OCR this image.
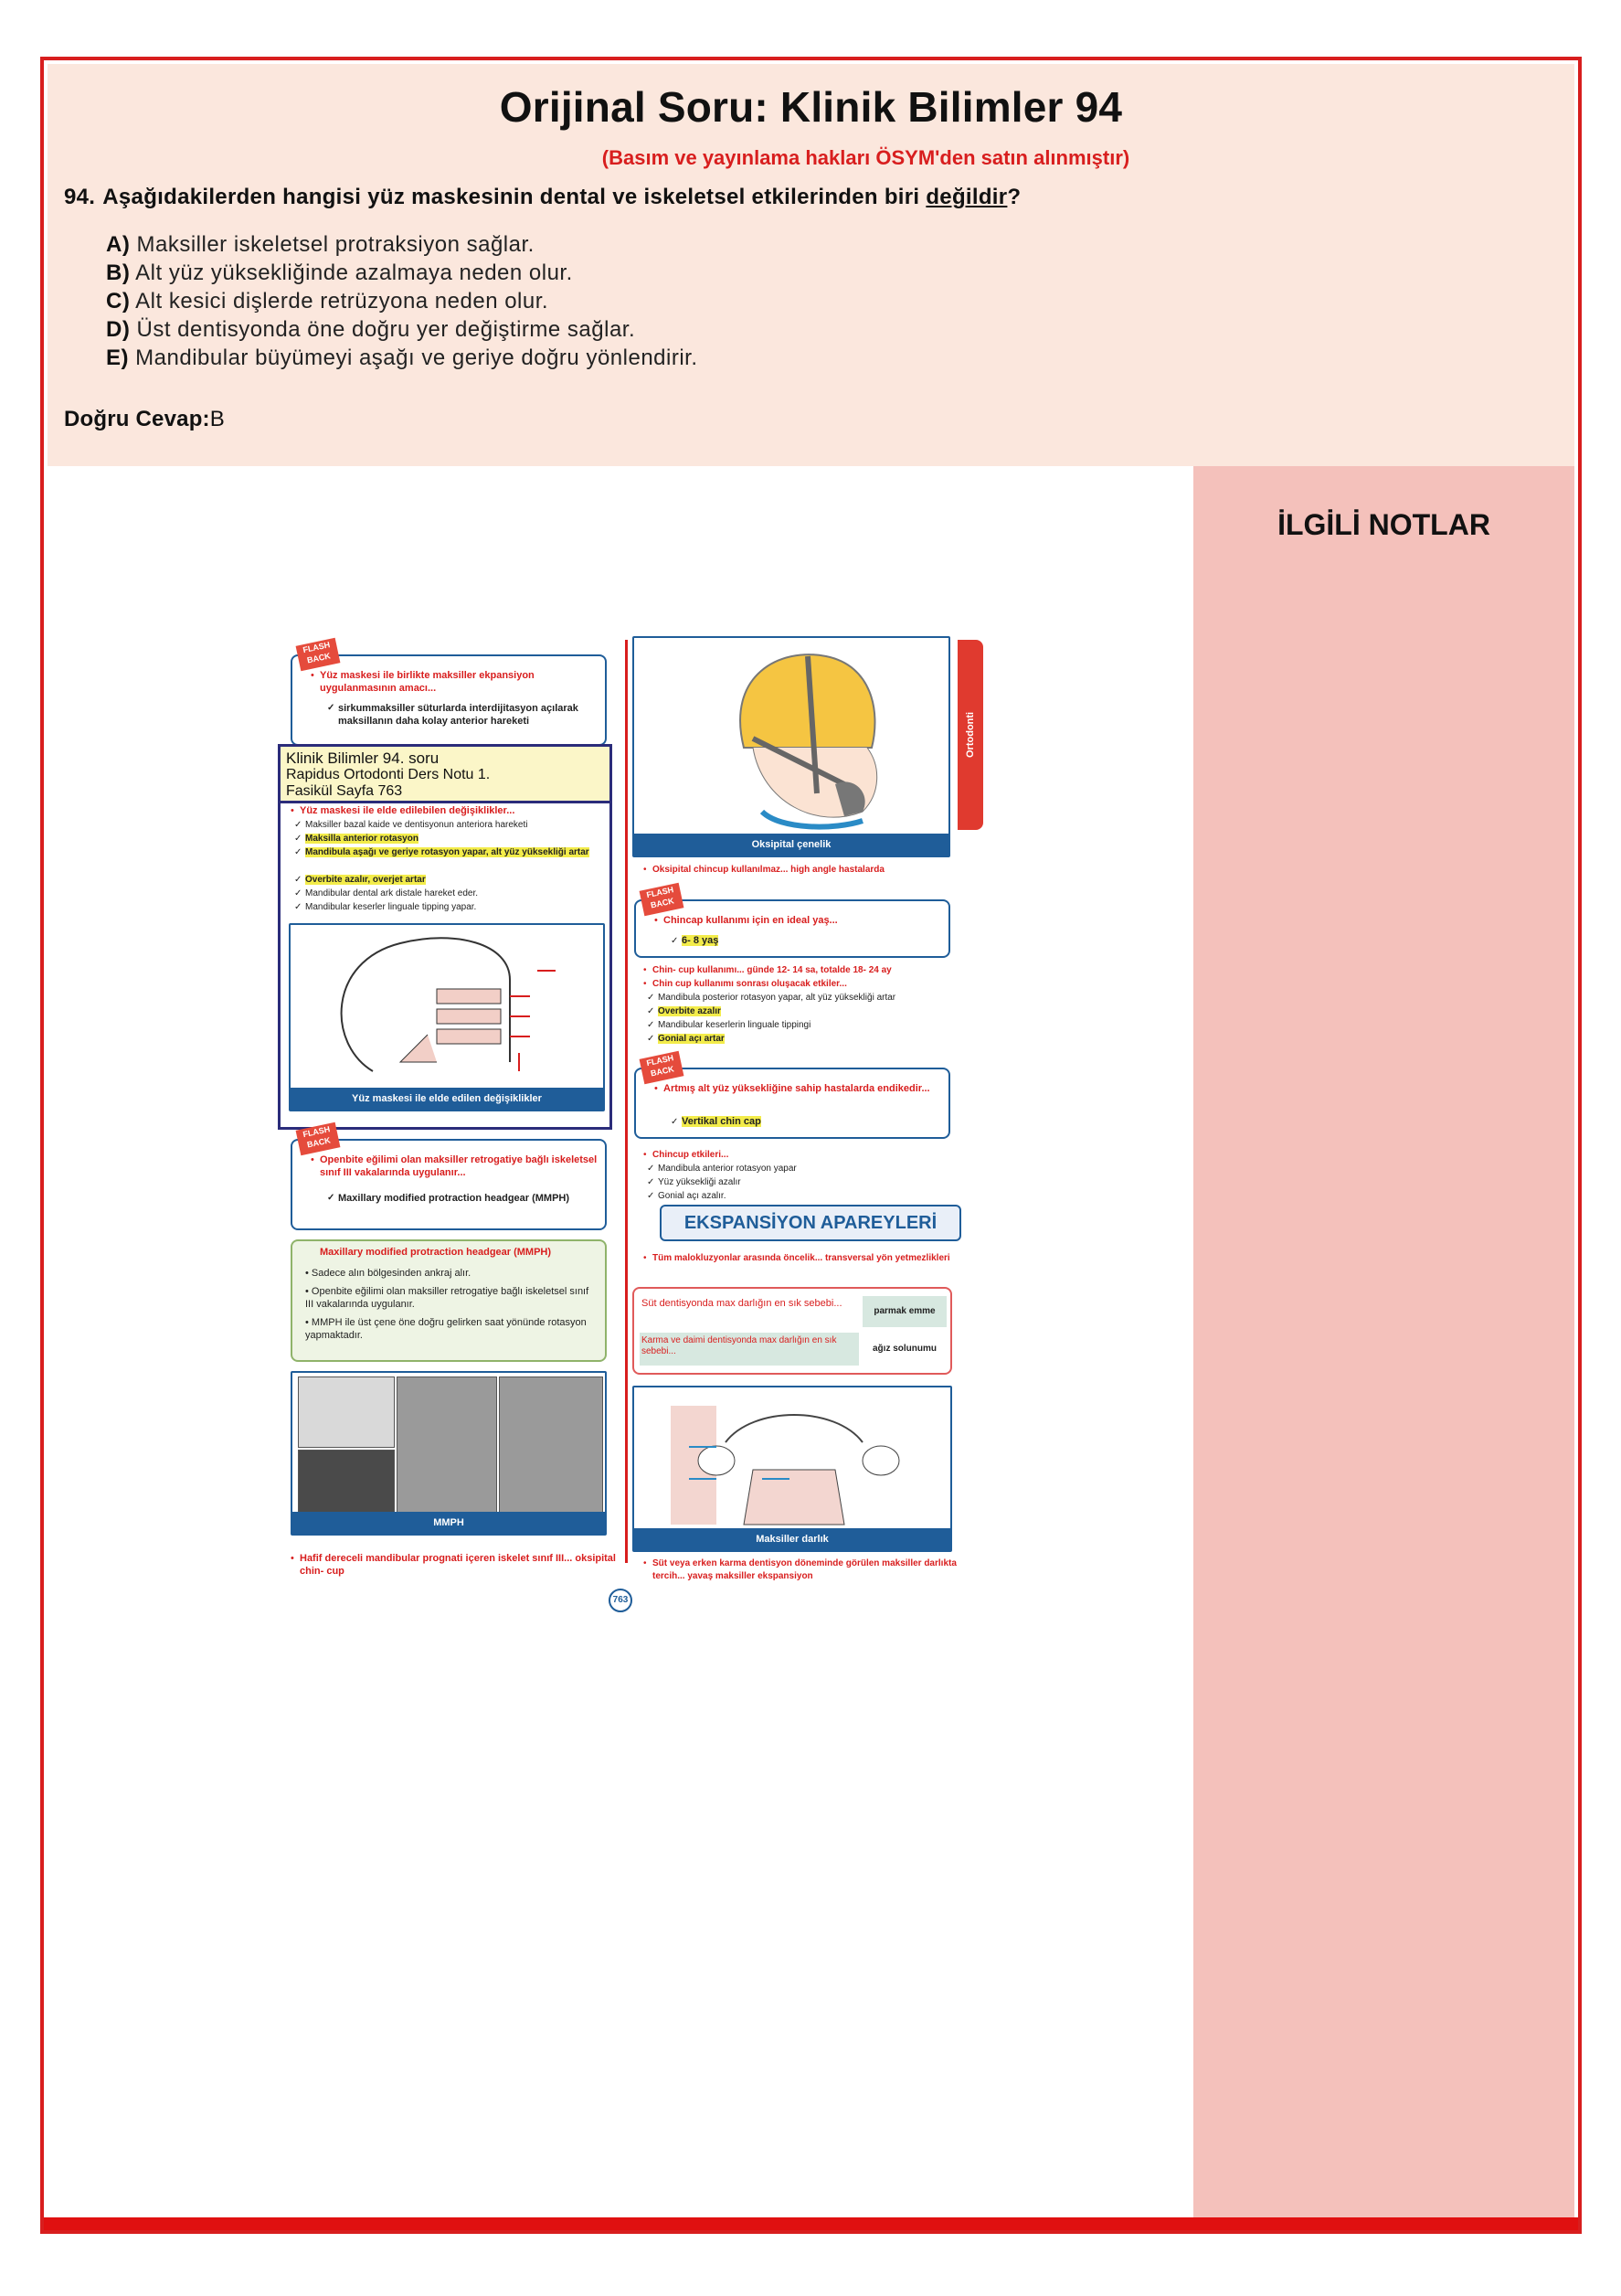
Orijinal Soru: Klinik Bilimler 94
(Basım ve yayınlama hakları ÖSYM'den satın alınmıştır)
94. Aşağıdakilerden hangisi yüz maskesinin dental ve iskeletsel etkilerinden biri değildir?
A) Maksiller iskeletsel protraksiyon sağlar.
B) Alt yüz yüksekliğinde azalmaya neden olur.
C) Alt kesici dişlerde retrüzyona neden olur.
D) Üst dentisyonda öne doğru yer değiştirme sağlar.
E) Mandibular büyümeyi aşağı ve geriye doğru yönlendirir.
Doğru Cevap:B
İLGİLİ NOTLAR
Ortodonti
FLASH BACK
• Yüz maskesi ile birlikte maksiller ekpansiyon uygulanmasının amacı...
✓ sirkummaksiller süturlarda interdijitasyon açılarak maksillanın daha kolay anterior hareketi
• Yüz maskesi ile elde edilebilen değişiklikler...
✓ Maksiller bazal kaide ve dentisyonun anteriora hareketi
✓ Maksilla anterior rotasyon
✓ Mandibula aşağı ve geriye rotasyon yapar, alt yüz yüksekliği artar
✓ Overbite azalır, overjet artar
✓ Mandibular dental ark distale hareket eder.
✓ Mandibular keserler linguale tipping yapar.
Yüz maskesi ile elde edilen değişiklikler
Klinik Bilimler 94. soru
Rapidus Ortodonti Ders Notu 1.
Fasikül Sayfa 763
FLASH BACK
• Openbite eğilimi olan maksiller retrogatiye bağlı iskeletsel sınıf III vakalarında uygulanır...
✓ Maxillary modified protraction headgear (MMPH)
Maxillary modified protraction headgear (MMPH)
• Sadece alın bölgesinden ankraj alır.
• Openbite eğilimi olan maksiller retrogatiye bağlı iskeletsel sınıf III vakalarında uygulanır.
• MMPH ile üst çene öne doğru gelirken saat yönünde rotasyon yapmaktadır.
MMPH
• Hafif dereceli mandibular prognati içeren iskelet sınıf III... oksipital chin- cup
Oksipital çenelik
• Oksipital chincup kullanılmaz... high angle hastalarda
FLASH BACK
• Chincap kullanımı için en ideal yaş...
✓ 6- 8 yaş
• Chin- cup kullanımı... günde 12- 14 sa, totalde 18- 24 ay
• Chin cup kullanımı sonrası oluşacak etkiler...
✓ Mandibula posterior rotasyon yapar, alt yüz yüksekliği artar
✓ Overbite azalır
✓ Mandibular keserlerin linguale tippingi
✓ Gonial açı artar
FLASH BACK
• Artmış alt yüz yüksekliğine sahip hastalarda endikedir...
✓ Vertikal chin cap
• Chincup etkileri...
✓ Mandibula anterior rotasyon yapar
✓ Yüz yüksekliği azalır
✓ Gonial açı azalır.
EKSPANSİYON APAREYLERİ
• Tüm malokluzyonlar arasında öncelik... transversal yön yetmezlikleri
Süt dentisyonda max darlığın en sık sebebi...
parmak emme
Karma ve daimi dentisyonda max darlığın en sık sebebi...	ağız solunumu
Maksiller darlık
• Süt veya erken karma dentisyon döneminde görülen maksiller darlıkta tercih... yavaş maksiller ekspansiyon
763
